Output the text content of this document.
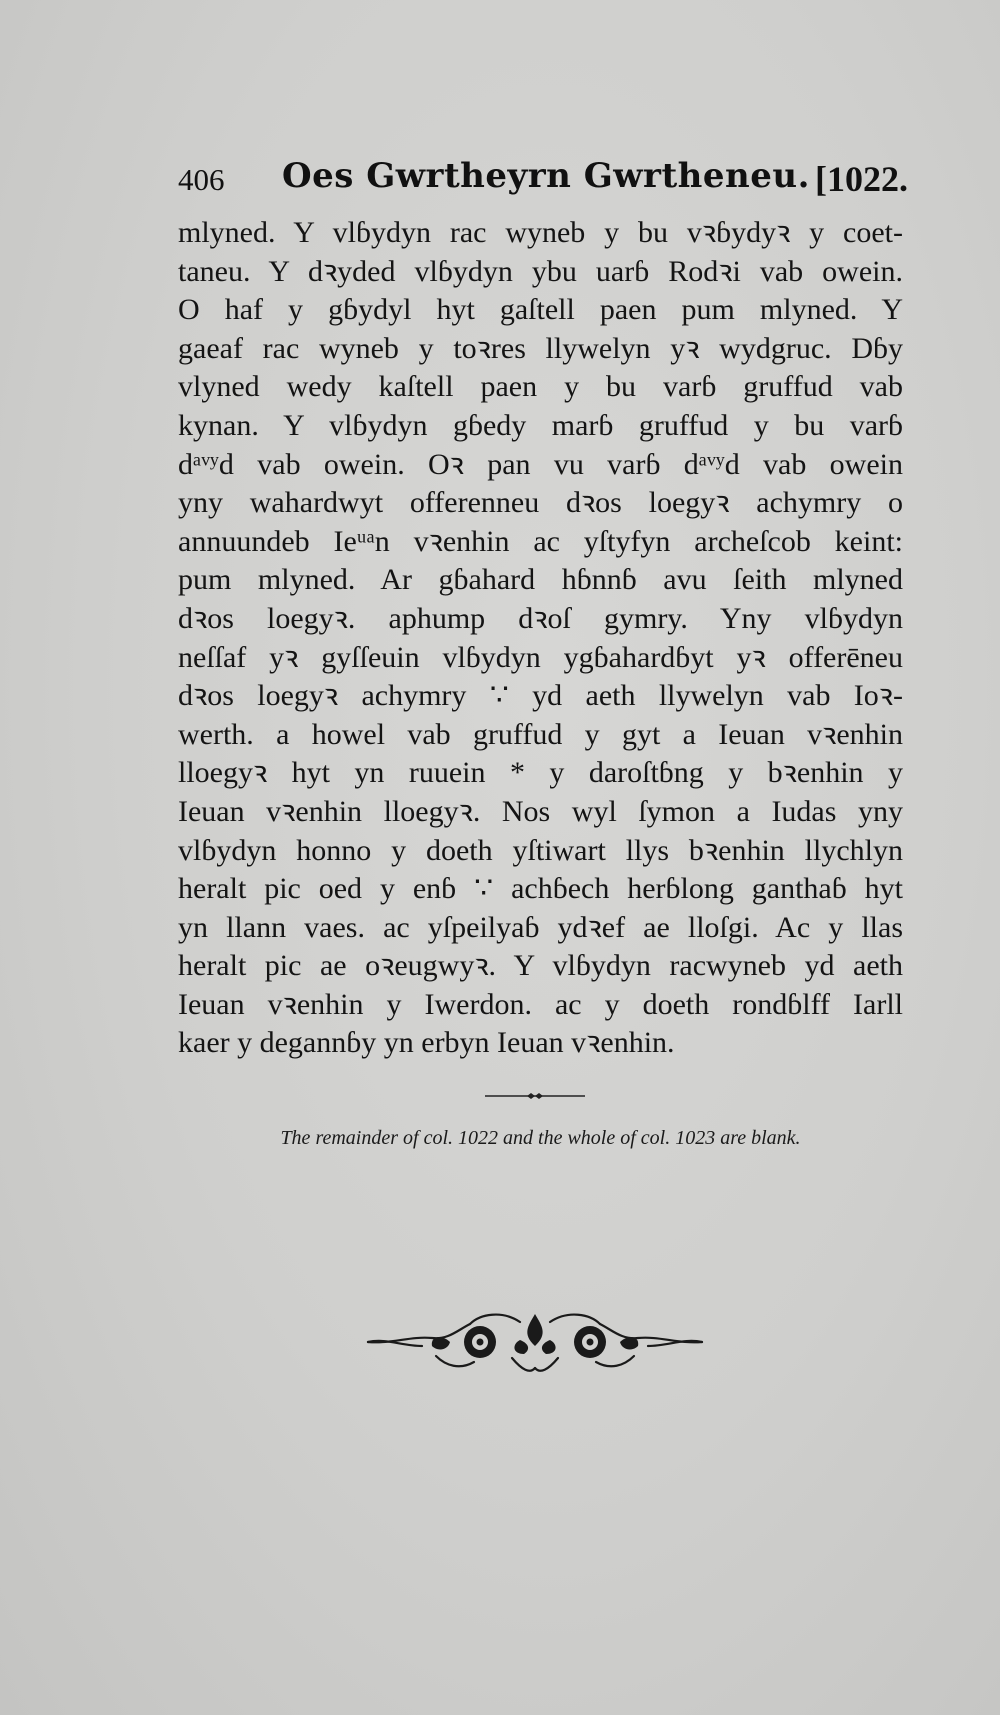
406 Oes Gwrtheyrn Gwrtheneu. [1022.
mlyned. Y vlɓydyn rac wyneb y bu vꝛɓydyꝛ y coet-
taneu. Y dꝛyded vlɓydyn ybu uarɓ Rodꝛi vab owein.
O haf y gɓydyl hyt gaſtell paen pum mlyned. Y
gaeaf rac wyneb y toꝛres llywelyn yꝛ wydgruc. Dɓy
vlyned wedy kaſtell paen y bu varɓ gruffud vab
kynan. Y vlɓydyn gɓedy marɓ gruffud y bu varɓ
dᵃᵛʸd vab owein. Oꝛ pan vu varɓ dᵃᵛʸd vab owein
yny wahardwyt offerenneu dꝛos loegyꝛ achymry o
annuundeb Ieᵘᵃn vꝛenhin ac yſtyfyn archeſcob keint:
pum mlyned. Ar gɓahard hɓnnɓ avu ſeith mlyned
dꝛos loegyꝛ. aphump dꝛoſ gymry. Yny vlɓydyn
neſſaf yꝛ gyſſeuin vlɓydyn ygɓahardɓyt yꝛ offerēneu
dꝛos loegyꝛ achymry ∵ yd aeth llywelyn vab Ioꝛ-
werth. a howel vab gruffud y gyt a Ieuan vꝛenhin
lloegyꝛ hyt yn ruuein * y daroſtɓng y bꝛenhin y
Ieuan vꝛenhin lloegyꝛ. Nos wyl ſymon a Iudas yny
vlɓydyn honno y doeth yſtiwart llys bꝛenhin llychlyn
heralt pic oed y enɓ ∵ achɓech herɓlong ganthaɓ hyt
yn llann vaes. ac yſpeilyaɓ ydꝛef ae lloſgi. Ac y llas
heralt pic ae oꝛeugwyꝛ. Y vlɓydyn racwyneb yd aeth
Ieuan vꝛenhin y Iwerdon. ac y doeth rondɓlff Iarll
kaer y degannɓy yn erbyn Ieuan vꝛenhin.
The remainder of col. 1022 and the whole of col. 1023 are blank.
